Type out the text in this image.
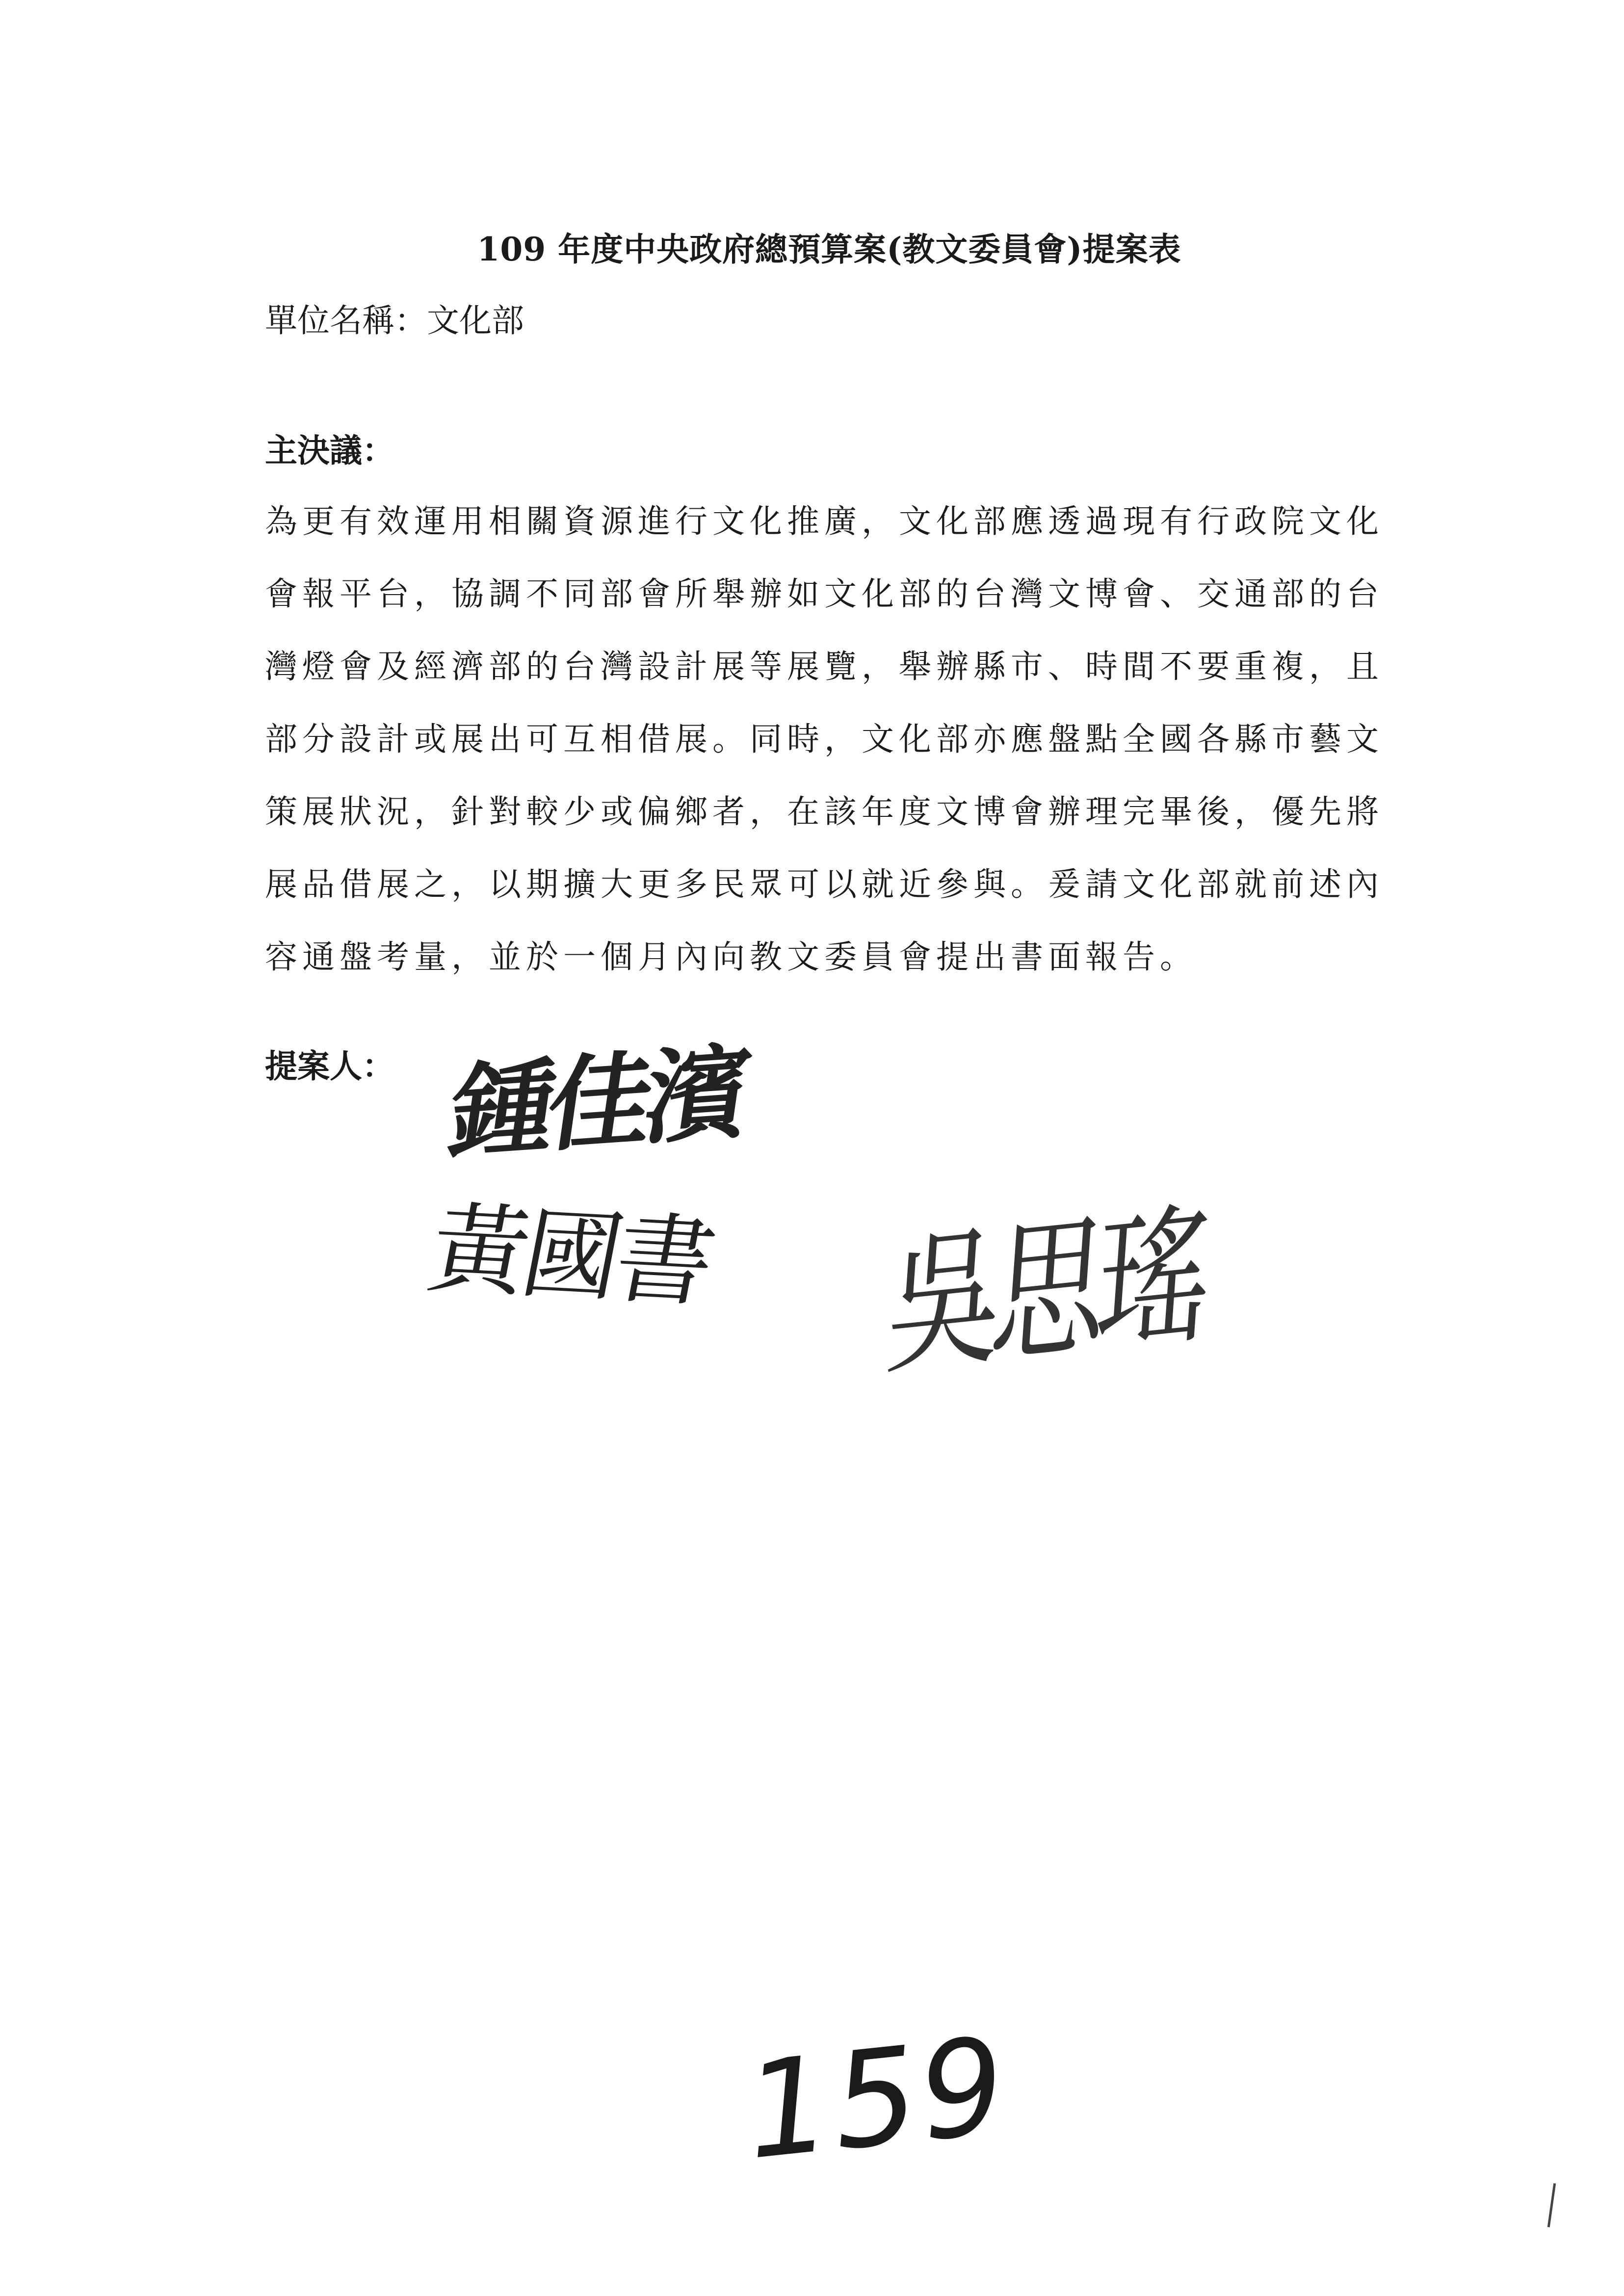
109 年度中央政府總預算案(教文委員會)提案表
單位名稱：文化部
主決議：
為更有效運用相關資源進行文化推廣，文化部應透過現有行政院文化
會報平台，協調不同部會所舉辦如文化部的台灣文博會、交通部的台
灣燈會及經濟部的台灣設計展等展覽，舉辦縣市、時間不要重複，且
部分設計或展出可互相借展。同時，文化部亦應盤點全國各縣市藝文
策展狀況，針對較少或偏鄉者，在該年度文博會辦理完畢後，優先將
展品借展之，以期擴大更多民眾可以就近參與。爰請文化部就前述內
容通盤考量，並於一個月內向教文委員會提出書面報告。
提案人： 鍾佳濱
黃國書 吳思瑤
159
